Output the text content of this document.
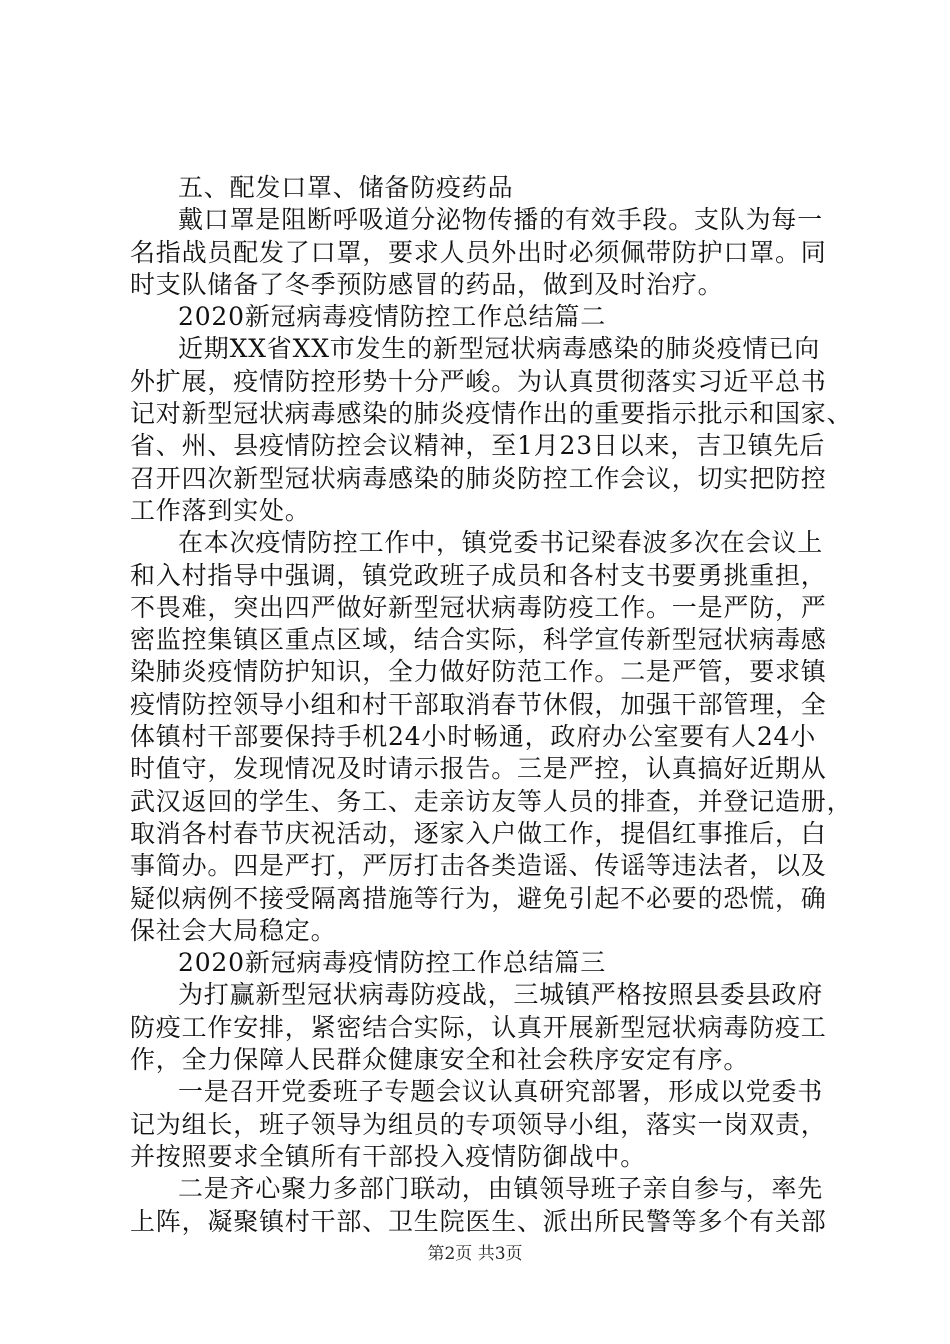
五、配发口罩、储备防疫药品
戴口罩是阻断呼吸道分泌物传播的有效手段。支队为每一
名指战员配发了口罩，要求人员外出时必须佩带防护口罩。同
时支队储备了冬季预防感冒的药品，做到及时治疗。
2020新冠病毒疫情防控工作总结篇二
近期XX省XX市发生的新型冠状病毒感染的肺炎疫情已向
外扩展，疫情防控形势十分严峻。为认真贯彻落实习近平总书
记对新型冠状病毒感染的肺炎疫情作出的重要指示批示和国家、
省、州、县疫情防控会议精神，至1月23日以来，吉卫镇先后
召开四次新型冠状病毒感染的肺炎防控工作会议，切实把防控
工作落到实处。
在本次疫情防控工作中，镇党委书记梁春波多次在会议上
和入村指导中强调，镇党政班子成员和各村支书要勇挑重担，
不畏难，突出四严做好新型冠状病毒防疫工作。一是严防，严
密监控集镇区重点区域，结合实际，科学宣传新型冠状病毒感
染肺炎疫情防护知识，全力做好防范工作。二是严管，要求镇
疫情防控领导小组和村干部取消春节休假，加强干部管理，全
体镇村干部要保持手机24小时畅通，政府办公室要有人24小
时值守，发现情况及时请示报告。三是严控，认真搞好近期从
武汉返回的学生、务工、走亲访友等人员的排查，并登记造册，
取消各村春节庆祝活动，逐家入户做工作，提倡红事推后，白
事简办。四是严打，严厉打击各类造谣、传谣等违法者，以及
疑似病例不接受隔离措施等行为，避免引起不必要的恐慌，确
保社会大局稳定。
2020新冠病毒疫情防控工作总结篇三
为打赢新型冠状病毒防疫战，三城镇严格按照县委县政府
防疫工作安排，紧密结合实际，认真开展新型冠状病毒防疫工
作，全力保障人民群众健康安全和社会秩序安定有序。
一是召开党委班子专题会议认真研究部署，形成以党委书
记为组长，班子领导为组员的专项领导小组，落实一岗双责，
并按照要求全镇所有干部投入疫情防御战中。
二是齐心聚力多部门联动，由镇领导班子亲自参与，率先
上阵，凝聚镇村干部、卫生院医生、派出所民警等多个有关部
第2页 共3页
